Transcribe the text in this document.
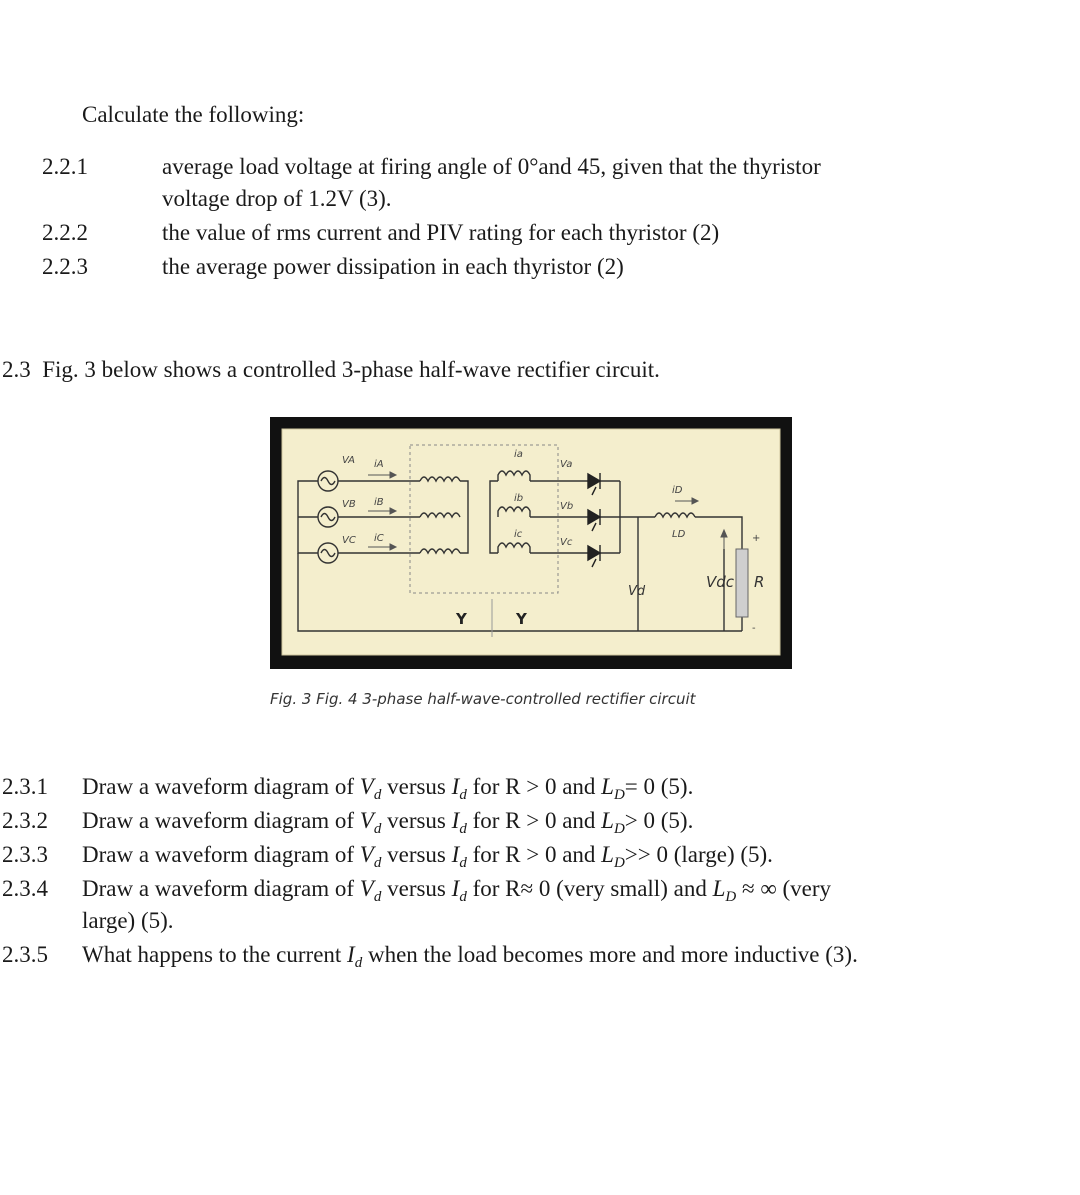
Calculate the following:
2.2.1	average load voltage at firing angle of 0°and 45, given that the thyristor
voltage drop of 1.2V (3).
2.2.2	the value of rms current and PIV rating for each thyristor (2)
2.2.3	the average power dissipation in each thyristor (2)
2.3 Fig. 3 below shows a controlled 3-phase half-wave rectifier circuit.
VA iA
VB iB
VC iC
ia
ib
ic
Va
Vb
Vc
iD
LD	+
-
Vd
Vdc R
Y	Y
Fig. 3 Fig. 4 3-phase half-wave-controlled rectifier circuit
2.3.1 Draw a waveform diagram of $V_d$ versus $I_d$ for R > 0 and $L_D= 0$ (5).
2.3.2 Draw a waveform diagram of $V_d$ versus $I_d$ for R > 0 and $L_D> 0$ (5).
2.3.3 Draw a waveform diagram of $V_d$ versus $I_d$ for R > 0 and $L_D>> 0$ (large) (5).
2.3.4 Draw a waveform diagram of $V_d$ versus $I_d$ for R≈ 0 (very small) and $L_D$ ≈ ∞ (very
large) (5).
2.3.5 What happens to the current $I_d$ when the load becomes more and more inductive (3).
